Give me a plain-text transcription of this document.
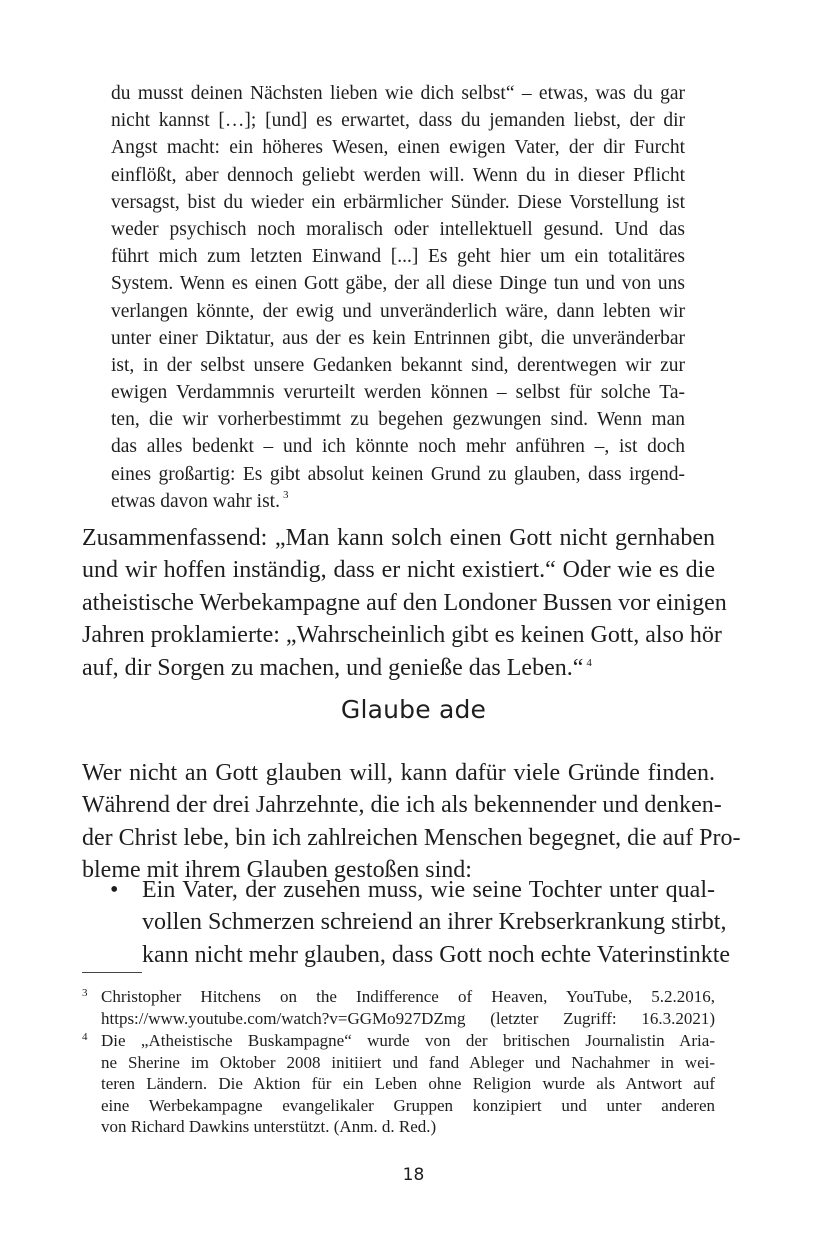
du musst deinen Nächsten lieben wie dich selbst“ – etwas, was du gar
nicht kannst […]; [und] es erwartet, dass du jemanden liebst, der dir
Angst macht: ein höheres Wesen, einen ewigen Vater, der dir Furcht
einflößt, aber dennoch geliebt werden will. Wenn du in dieser Pflicht
versagst, bist du wieder ein erbärmlicher Sünder. Diese Vorstellung ist
weder psychisch noch moralisch oder intellektuell gesund. Und das
führt mich zum letzten Einwand [...] Es geht hier um ein totalitäres
System. Wenn es einen Gott gäbe, der all diese Dinge tun und von uns
verlangen könnte, der ewig und unveränderlich wäre, dann lebten wir
unter einer Diktatur, aus der es kein Entrinnen gibt, die unveränderbar
ist, in der selbst unsere Gedanken bekannt sind, derentwegen wir zur
ewigen Verdammnis verurteilt werden können – selbst für solche Ta-
ten, die wir vorherbestimmt zu begehen gezwungen sind. Wenn man
das alles bedenkt – und ich könnte noch mehr anführen –, ist doch
eines großartig: Es gibt absolut keinen Grund zu glauben, dass irgend-
etwas davon wahr ist. $^3$
Zusammenfassend: „Man kann solch einen Gott nicht gernhaben
und wir hoffen inständig, dass er nicht existiert.“ Oder wie es die
atheistische Werbekampagne auf den Londoner Bussen vor einigen
Jahren proklamierte: „Wahrscheinlich gibt es keinen Gott, also hör
auf, dir Sorgen zu machen, und genieße das Leben.“ $^4$
Glaube ade
Wer nicht an Gott glauben will, kann dafür viele Gründe finden.
Während der drei Jahrzehnte, die ich als bekennender und denken-
der Christ lebe, bin ich zahlreichen Menschen begegnet, die auf Pro-
bleme mit ihrem Glauben gestoßen sind:
• Ein Vater, der zusehen muss, wie seine Tochter unter qual-
vollen Schmerzen schreiend an ihrer Krebserkrankung stirbt,
kann nicht mehr glauben, dass Gott noch echte Vaterinstinkte
3 Christopher Hitchens on the Indifference of Heaven, YouTube, 5.2.2016,
https://www.youtube.com/watch?v=GGMo927DZmg (letzter Zugriff: 16.3.2021)
4 Die „Atheistische Buskampagne“ wurde von der britischen Journalistin Aria-
ne Sherine im Oktober 2008 initiiert und fand Ableger und Nachahmer in wei-
teren Ländern. Die Aktion für ein Leben ohne Religion wurde als Antwort auf
eine Werbekampagne evangelikaler Gruppen konzipiert und unter anderen
von Richard Dawkins unterstützt. (Anm. d. Red.)
18
